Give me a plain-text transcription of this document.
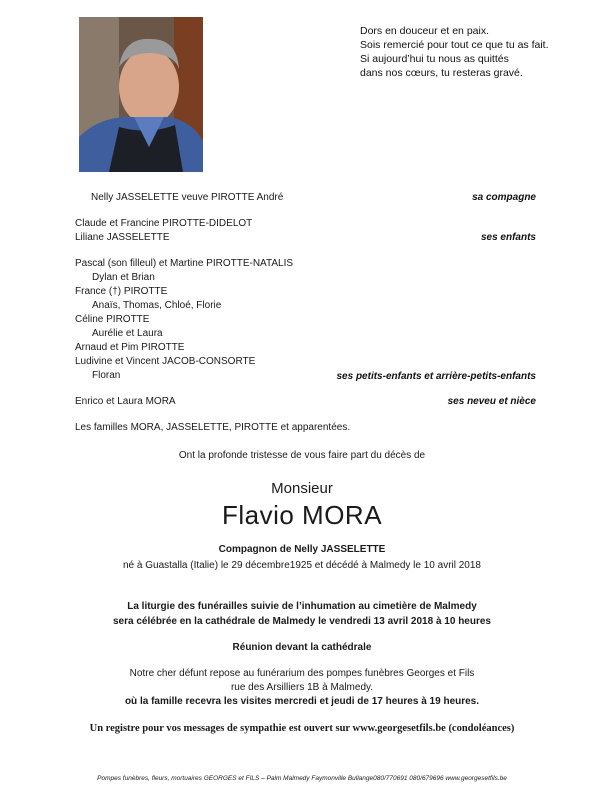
Dors en douceur et en paix.
Sois remercié pour tout ce que tu as fait.
Si aujourd’hui tu nous as quittés
dans nos cœurs, tu resteras gravé.
Nelly JASSELETTE veuve PIROTTE André	sa compagne
Claude et Francine PIROTTE-DIDELOT
Liliane JASSELETTE	ses enfants
Pascal (son filleul) et Martine PIROTTE-NATALIS
Dylan et Brian
France (†) PIROTTE
Anaïs, Thomas, Chloé, Florie
Céline PIROTTE
Aurélie et Laura
Arnaud et Pim PIROTTE
Ludivine et Vincent JACOB-CONSORTE
Floran	ses petits-enfants et arrière-petits-enfants
Enrico et Laura MORA	ses neveu et nièce
Les familles MORA, JASSELETTE, PIROTTE et apparentées.
Ont la profonde tristesse de vous faire part du décès de
Monsieur
Flavio MORA
Compagnon de Nelly JASSELETTE
né à Guastalla (Italie) le 29 décembre1925 et décédé à Malmedy le 10 avril 2018
La liturgie des funérailles suivie de l’inhumation au cimetière de Malmedy
sera célébrée en la cathédrale de Malmedy le vendredi 13 avril 2018 à 10 heures
Réunion devant la cathédrale
Notre cher défunt repose au funérarium des pompes funèbres Georges et Fils
rue des Arsilliers 1B à Malmedy.
où la famille recevra les visites mercredi et jeudi de 17 heures à 19 heures.
Un registre pour vos messages de sympathie est ouvert sur www.georgesetfils.be (condoléances)
Pompes funèbres, fleurs, mortuaires GEORGES et FILS – Palm Malmedy Faymonville Bullange080/770691 080/679696 www.georgesetfils.be
